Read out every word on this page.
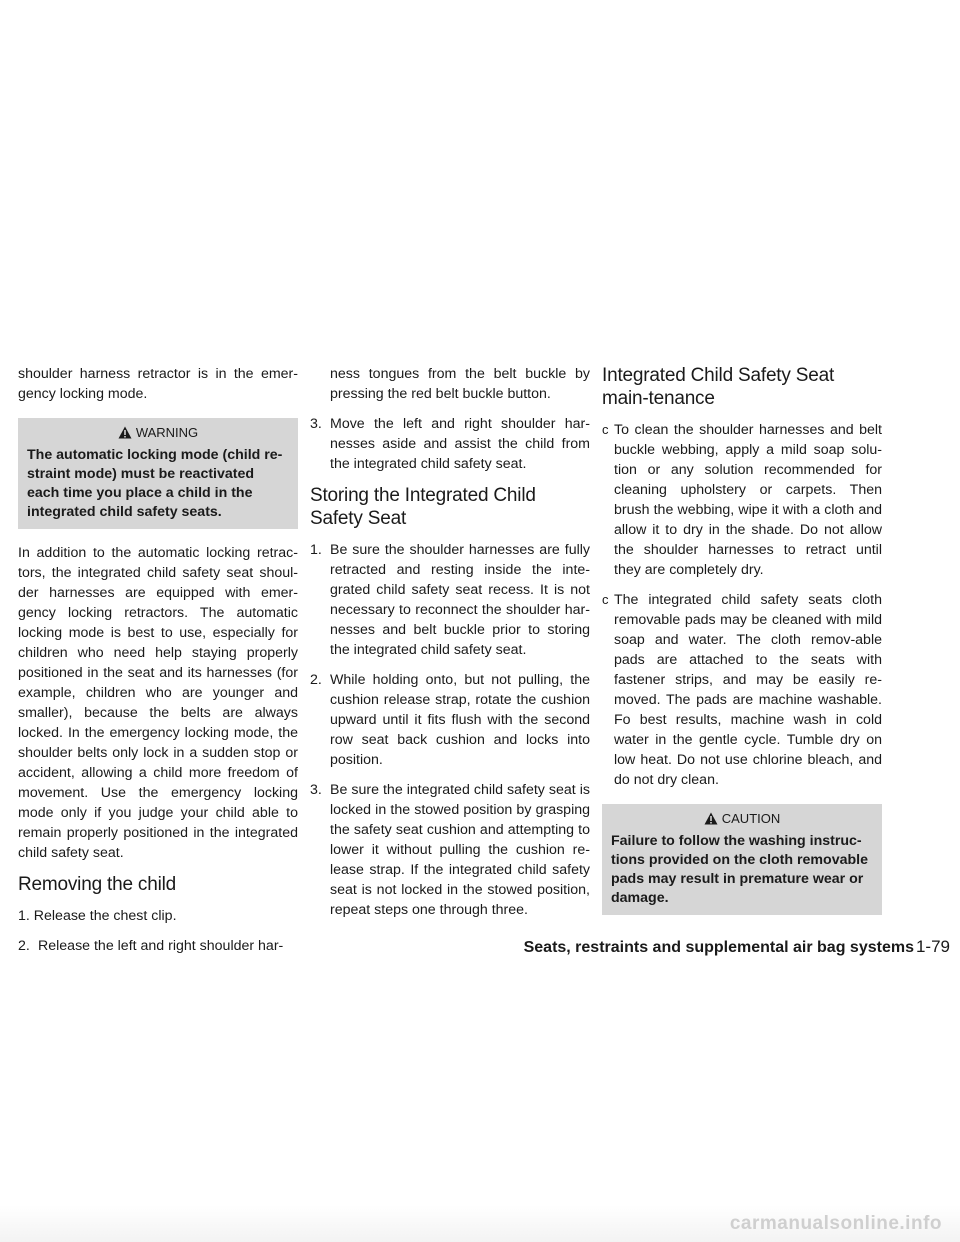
shoulder harness retractor is in the emer-gency locking mode.

WARNING
The automatic locking mode (child re-straint mode) must be reactivated each time you place a child in the integrated child safety seats.

In addition to the automatic locking retrac-tors, the integrated child safety seat shoul-der harnesses are equipped with emer-gency locking retractors. The automatic locking mode is best to use, especially for children who need help staying properly positioned in the seat and its harnesses (for example, children who are younger and smaller), because the belts are always locked. In the emergency locking mode, the shoulder belts only lock in a sudden stop or accident, allowing a child more freedom of movement. Use the emergency locking mode only if you judge your child able to remain properly positioned in the integrated child safety seat.

Removing the child

1. Release the chest clip.

2. Release the left and right shoulder har-
ness tongues from the belt buckle by pressing the red belt buckle button.
3. Move the left and right shoulder har-nesses aside and assist the child from the integrated child safety seat.
Storing the Integrated Child Safety Seat
1. Be sure the shoulder harnesses are fully retracted and resting inside the inte-grated child safety seat recess. It is not necessary to reconnect the shoulder har-nesses and belt buckle prior to storing the integrated child safety seat.
2. While holding onto, but not pulling, the cushion release strap, rotate the cushion upward until it fits flush with the second row seat back cushion and locks into position.
3. Be sure the integrated child safety seat is locked in the stowed position by grasping the safety seat cushion and attempting to lower it without pulling the cushion re-lease strap. If the integrated child safety seat is not locked in the stowed position, repeat steps one through three.
Integrated Child Safety Seat main-tenance
c To clean the shoulder harnesses and belt buckle webbing, apply a mild soap solu-tion or any solution recommended for cleaning upholstery or carpets. Then brush the webbing, wipe it with a cloth and allow it to dry in the shade. Do not allow the shoulder harnesses to retract until they are completely dry.
c The integrated child safety seats cloth removable pads may be cleaned with mild soap and water. The cloth remov-able pads are attached to the seats with fastener strips, and may be easily re-moved. The pads are machine washable. Fo best results, machine wash in cold water in the gentle cycle. Tumble dry on low heat. Do not use chlorine bleach, and do not dry clean.
CAUTION
Failure to follow the washing instruc-tions provided on the cloth removable pads may result in premature wear or damage.
Seats, restraints and supplemental air bag systems 1-79
carmanualsonline.info
